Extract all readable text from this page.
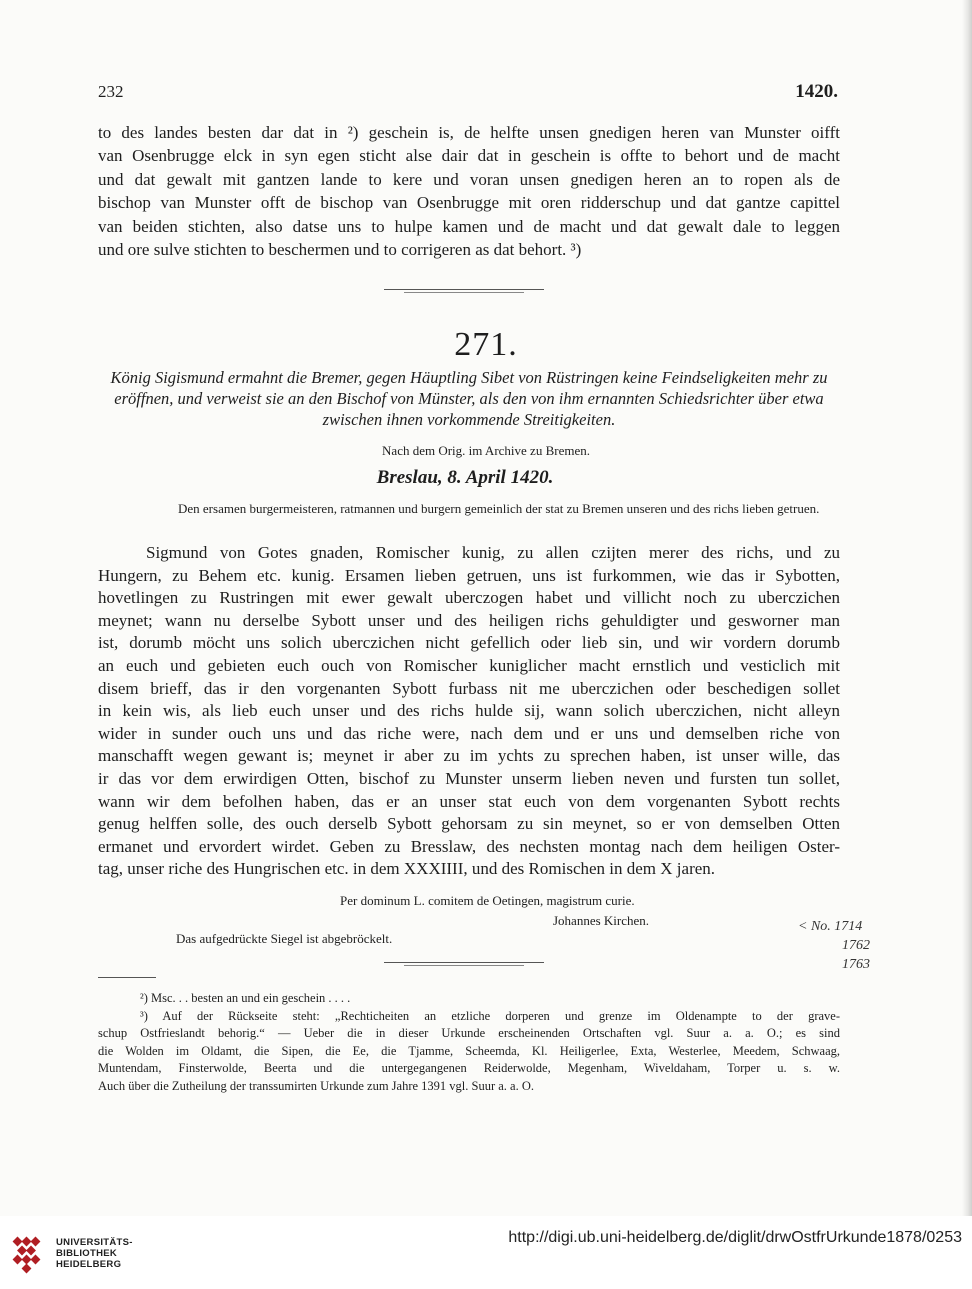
232	1420.
to des landes besten dar dat in ²) geschein is, de helfte unsen gnedigen heren van Munster oifft
van Osenbrugge elck in syn egen sticht alse dair dat in geschein is offte to behort und de macht
und dat gewalt mit gantzen lande to kere und voran unsen gnedigen heren an to ropen als de
bischop van Munster offt de bischop van Osenbrugge mit oren ridderschup und dat gantze capittel
van beiden stichten, also datse uns to hulpe kamen und de macht und dat gewalt dale to leggen
und ore sulve stichten to beschermen und to corrigeren as dat behort. ³)
271.
König Sigismund ermahnt die Bremer, gegen Häuptling Sibet von Rüstringen keine Feindseligkeiten mehr zu eröffnen, und verweist sie an den Bischof von Münster, als den von ihm ernannten Schiedsrichter über etwa zwischen ihnen vorkommende Streitigkeiten.
Nach dem Orig. im Archive zu Bremen.
Breslau, 8. April 1420.
Den ersamen burgermeisteren, ratmannen und burgern gemeinlich der stat zu Bremen unseren und des richs lieben getruen.
Sigmund von Gotes gnaden, Romischer kunig, zu allen czijten merer des richs, und zu
Hungern, zu Behem etc. kunig. Ersamen lieben getruen, uns ist furkommen, wie das ir Sybotten,
hovetlingen zu Rustringen mit ewer gewalt uberczogen habet und villicht noch zu uberczichen
meynet; wann nu derselbe Sybott unser und des heiligen richs gehuldigter und gesworner man
ist, dorumb möcht uns solich uberczichen nicht gefellich oder lieb sin, und wir vordern dorumb
an euch und gebieten euch ouch von Romischer kuniglicher macht ernstlich und vesticlich mit
disem brieff, das ir den vorgenanten Sybott furbass nit me uberczichen oder beschedigen sollet
in kein wis, als lieb euch unser und des richs hulde sij, wann solich uberczichen, nicht alleyn
wider in sunder ouch uns und das riche were, nach dem und er uns und demselben riche von
manschafft wegen gewant is; meynet ir aber zu im ychts zu sprechen haben, ist unser wille, das
ir das vor dem erwirdigen Otten, bischof zu Munster unserm lieben neven und fursten tun sollet,
wann wir dem befolhen haben, das er an unser stat euch von dem vorgenanten Sybott rechts
genug helffen solle, des ouch derselb Sybott gehorsam zu sin meynet, so er von demselben Otten
ermanet und ervordert wirdet. Geben zu Bresslaw, des nechsten montag nach dem heiligen Oster-
tag, unser riche des Hungrischen etc. in dem XXXIIII, und des Romischen in dem X jaren.
Per dominum L. comitem de Oetingen, magistrum curie.
Johannes Kirchen.
Das aufgedrückte Siegel ist abgebröckelt.
< No. 1714
1762
1763
²) Msc. . . besten an und ein geschein . . . .
³) Auf der Rückseite steht: „Rechticheiten an etzliche dorperen und grenze im Oldenampte to der grave-
schup Ostfrieslandt behorig.“ — Ueber die in dieser Urkunde erscheinenden Ortschaften vgl. Suur a. a. O.; es sind
die Wolden im Oldamt, die Sipen, die Ee, die Tjamme, Scheemda, Kl. Heiligerlee, Exta, Westerlee, Meedem, Schwaag,
Muntendam, Finsterwolde, Beerta und die untergegangenen Reiderwolde, Megenham, Wiveldaham, Torper u. s. w.
Auch über die Zutheilung der transsumirten Urkunde zum Jahre 1391 vgl. Suur a. a. O.
UNIVERSITÄTS-
BIBLIOTHEK
HEIDELBERG
http://digi.ub.uni-heidelberg.de/diglit/drwOstfrUrkunde1878/0253
